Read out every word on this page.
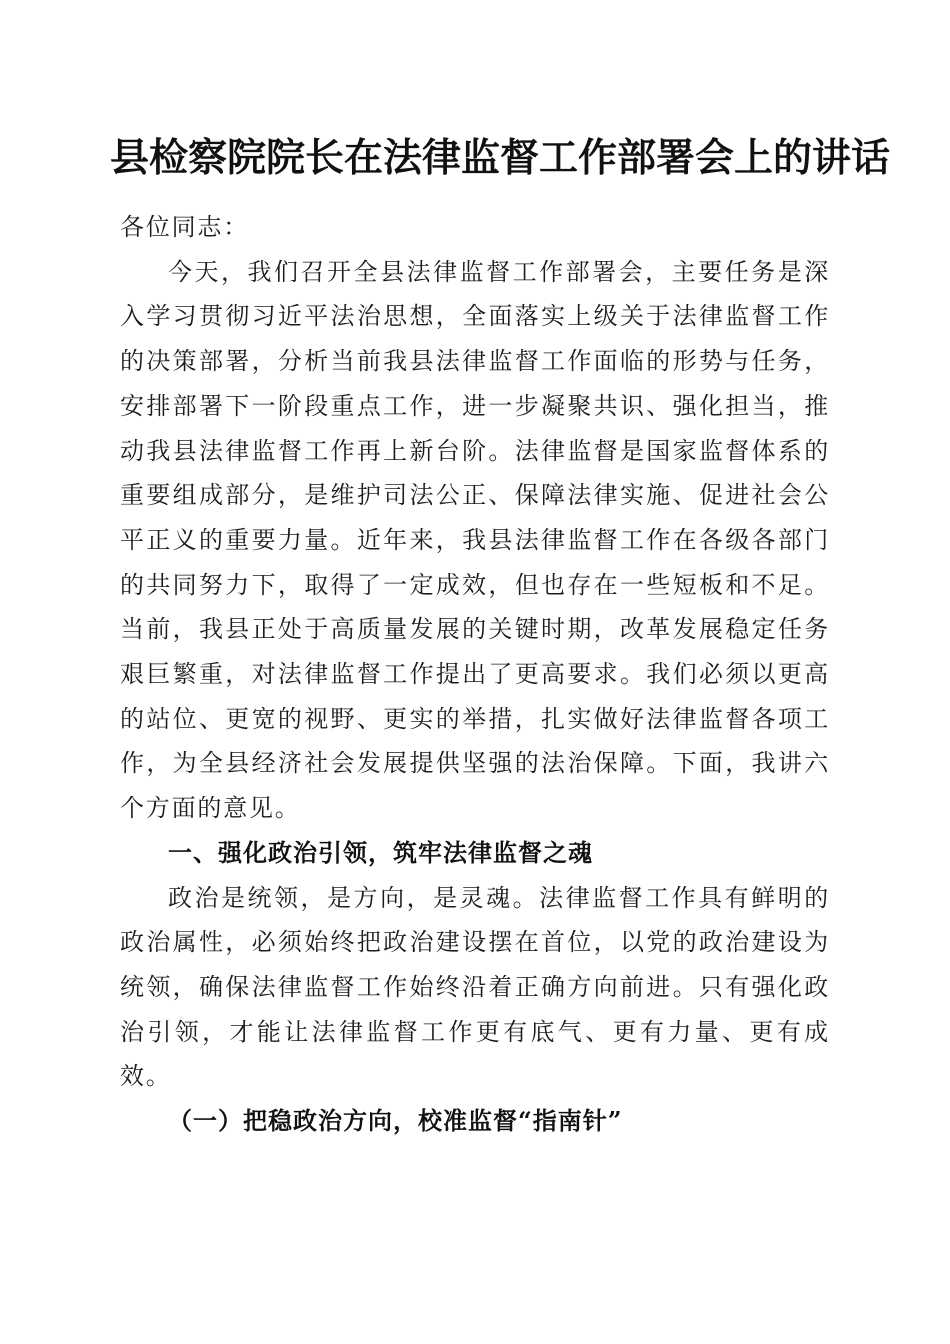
县检察院院长在法律监督工作部署会上的讲话

各位同志：

今天，我们召开全县法律监督工作部署会，主要任务是深入学习贯彻习近平法治思想，全面落实上级关于法律监督工作的决策部署，分析当前我县法律监督工作面临的形势与任务，安排部署下一阶段重点工作，进一步凝聚共识、强化担当，推动我县法律监督工作再上新台阶。法律监督是国家监督体系的重要组成部分，是维护司法公正、保障法律实施、促进社会公平正义的重要力量。近年来，我县法律监督工作在各级各部门的共同努力下，取得了一定成效，但也存在一些短板和不足。当前，我县正处于高质量发展的关键时期，改革发展稳定任务艰巨繁重，对法律监督工作提出了更高要求。我们必须以更高的站位、更宽的视野、更实的举措，扎实做好法律监督各项工作，为全县经济社会发展提供坚强的法治保障。下面，我讲六个方面的意见。

一、强化政治引领，筑牢法律监督之魂

政治是统领，是方向，是灵魂。法律监督工作具有鲜明的政治属性，必须始终把政治建设摆在首位，以党的政治建设为统领，确保法律监督工作始终沿着正确方向前进。只有强化政治引领，才能让法律监督工作更有底气、更有力量、更有成效。

（一）把稳政治方向，校准监督“指南针”
